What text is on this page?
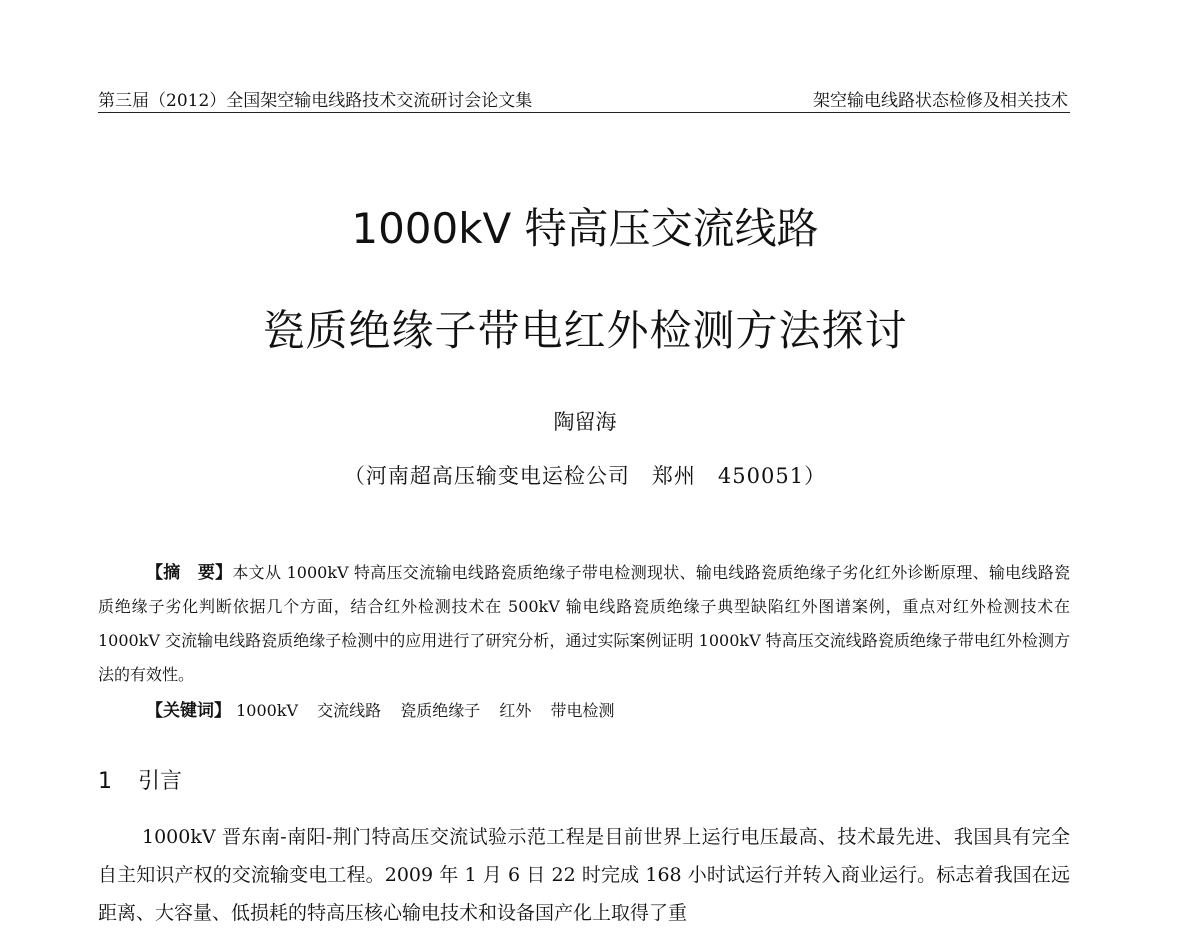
第三届（2012）全国架空输电线路技术交流研讨会论文集	架空输电线路状态检修及相关技术
1000kV 特高压交流线路
瓷质绝缘子带电红外检测方法探讨
陶留海
（河南超高压输变电运检公司　郑州　450051）
【摘　要】本文从 1000kV 特高压交流输电线路瓷质绝缘子带电检测现状、输电线路瓷质绝缘子劣化红外诊断原理、输电线路瓷质绝缘子劣化判断依据几个方面，结合红外检测技术在 500kV 输电线路瓷质绝缘子典型缺陷红外图谱案例，重点对红外检测技术在 1000kV 交流输电线路瓷质绝缘子检测中的应用进行了研究分析，通过实际案例证明 1000kV 特高压交流线路瓷质绝缘子带电红外检测方法的有效性。
【关键词】 1000kV 交流线路 瓷质绝缘子 红外 带电检测
1 引言
1000kV 晋东南-南阳-荆门特高压交流试验示范工程是目前世界上运行电压最高、技术最先进、我国具有完全自主知识产权的交流输变电工程。2009 年 1 月 6 日 22 时完成 168 小时试运行并转入商业运行。标志着我国在远距离、大容量、低损耗的特高压核心输电技术和设备国产化上取得了重
